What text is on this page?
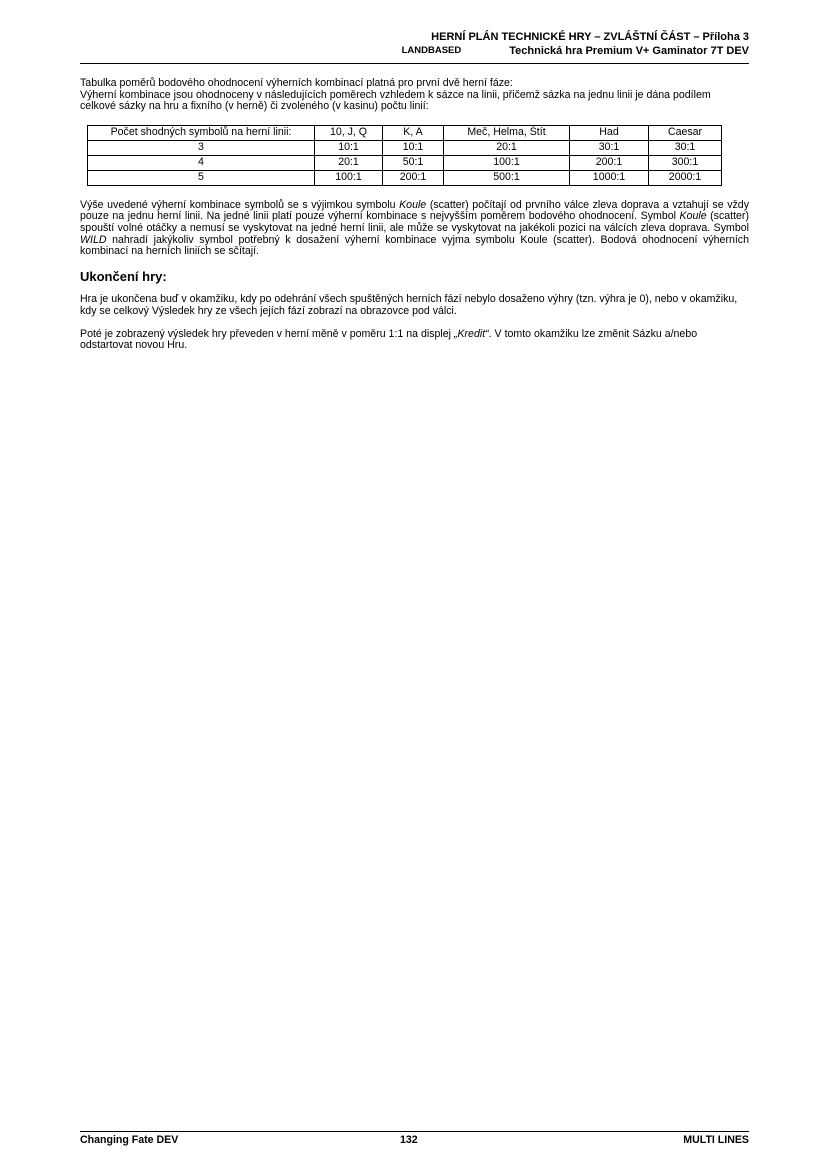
HERNÍ PLÁN TECHNICKÉ HRY – ZVLÁŠTNÍ ČÁST – Příloha 3
LANDBASED	Technická hra Premium V+ Gaminator 7T DEV

Tabulka poměrů bodového ohodnocení výherních kombinací platná pro první dvě herní fáze:

Výherní kombinace jsou ohodnoceny v následujících poměrech vzhledem k sázce na linii, přičemž sázka na jednu linii je dána podílem celkové sázky na hru a fixního (v herně) či zvoleného (v kasinu) počtu linií:

Počet shodných symbolů na herní linii:	10, J, Q	K, A	Meč, Helma, Štít	Had	Caesar
3	10:1	10:1	20:1	30:1	30:1
4	20:1	50:1	100:1	200:1	300:1
5	100:1	200:1	500:1	1000:1	2000:1

Výše uvedené výherní kombinace symbolů se s výjimkou symbolu Koule (scatter) počítají od prvního válce zleva doprava a vztahují se vždy pouze na jednu herní linii. Na jedné linii platí pouze výherní kombinace s nejvyšším poměrem bodového ohodnocení. Symbol Koule (scatter) spouští volné otáčky a nemusí se vyskytovat na jedné herní linii, ale může se vyskytovat na jakékoli pozici na válcích zleva doprava. Symbol WILD nahradí jakýkoliv symbol potřebný k dosažení výherní kombinace vyjma symbolu Koule (scatter). Bodová ohodnocení výherních kombinací na herních liniích se sčítají.

Ukončení hry:

Hra je ukončena buď v okamžiku, kdy po odehrání všech spuštěných herních fází nebylo dosaženo výhry (tzn. výhra je 0), nebo v okamžiku, kdy se celkový Výsledek hry ze všech jejích fází zobrazí na obrazovce pod válci.

Poté je zobrazený výsledek hry převeden v herní měně v poměru 1:1 na displej „Kredit“. V tomto okamžiku lze změnit Sázku a/nebo odstartovat novou Hru.

Changing Fate DEV	132	MULTI LINES
